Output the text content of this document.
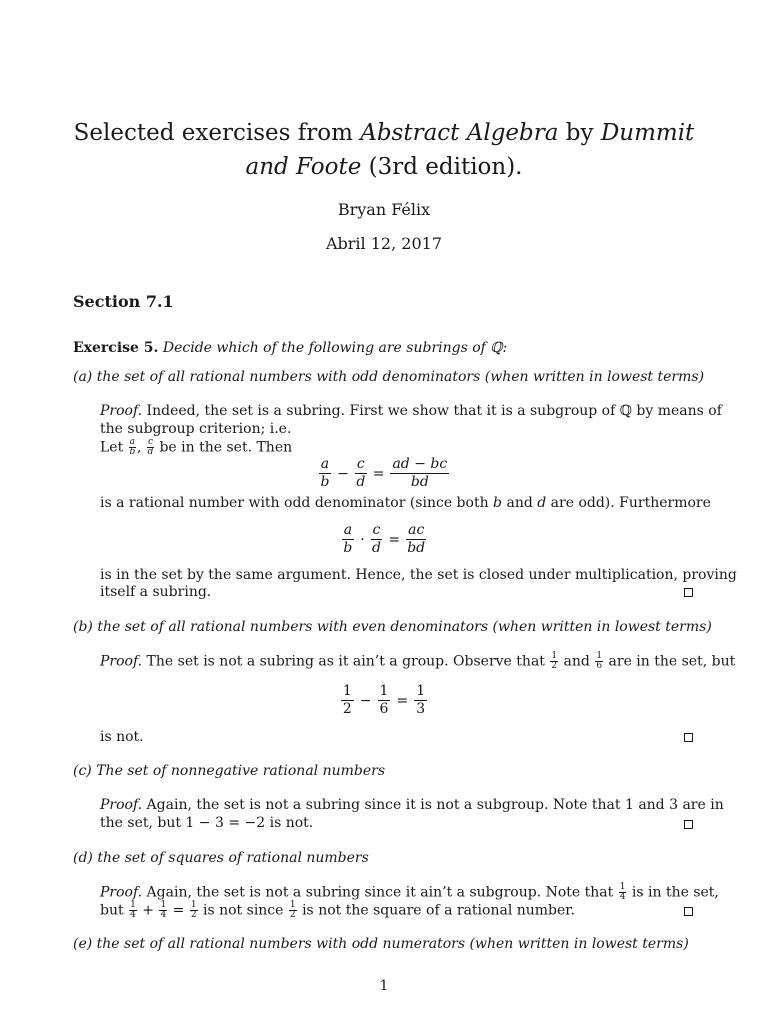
Selected exercises from Abstract Algebra by Dummit
and Foote (3rd edition).
Bryan Félix
Abril 12, 2017
Section 7.1
Exercise 5. Decide which of the following are subrings of ℚ:
(a) the set of all rational numbers with odd denominators (when written in lowest terms)
Proof. Indeed, the set is a subring. First we show that it is a subgroup of ℚ by means of
the subgroup criterion; i.e.
Let $\frac{a}{b}$ , $\frac{c}{d}$ be in the set. Then
$\frac{a}{b} - \frac{c}{d} = \frac{ad - bc}{bd}$
is a rational number with odd denominator (since both b and d are odd). Furthermore
$\frac{a}{b} \cdot \frac{c}{d} = \frac{ac}{bd}$
is in the set by the same argument. Hence, the set is closed under multiplication, proving
itself a subring.
(b) the set of all rational numbers with even denominators (when written in lowest terms)
Proof. The set is not a subring as it ain’t a group. Observe that $\frac{1}{2}$ and $\frac{1}{6}$ are in the set, but
$\frac{1}{2} - \frac{1}{6} = \frac{1}{3}$
is not.
(c) The set of nonnegative rational numbers
Proof. Again, the set is not a subring since it is not a subgroup. Note that 1 and 3 are in
the set, but 1 − 3 = −2 is not.
(d) the set of squares of rational numbers
Proof. Again, the set is not a subring since it ain’t a subgroup. Note that $\frac{1}{4}$ is in the set,
but $\frac{1}{4} + \frac{1}{4} = \frac{1}{2}$ is not since $\frac{1}{2}$ is not the square of a rational number.
(e) the set of all rational numbers with odd numerators (when written in lowest terms)
1
